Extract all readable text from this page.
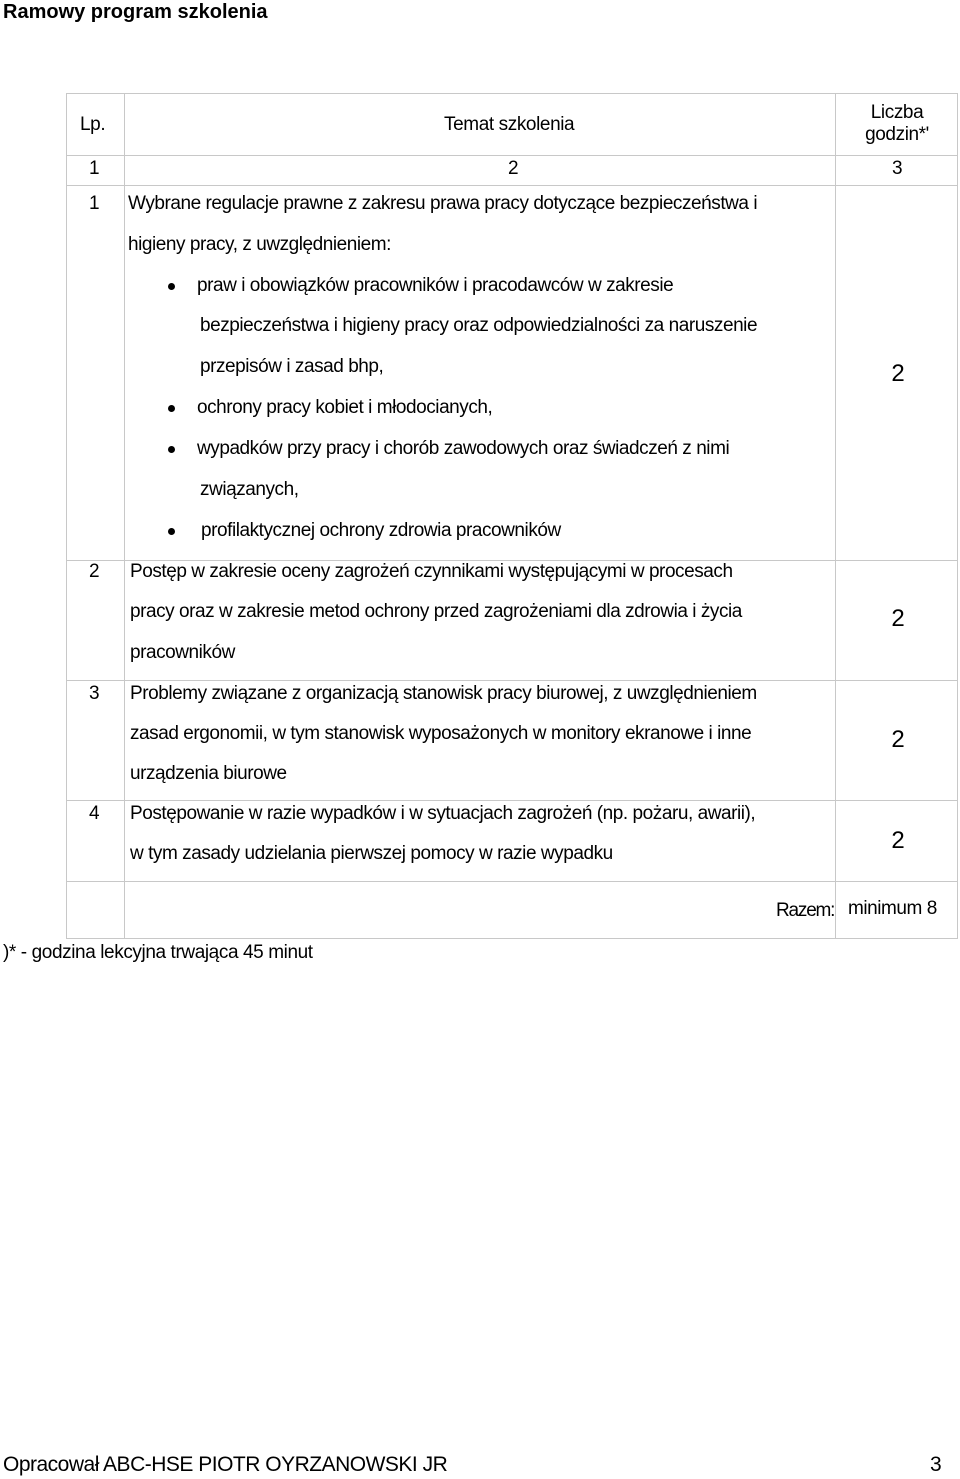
Ramowy program szkolenia
Lp.	Temat szkolenia
Liczba
godzin*'
1	2	3
1 Wybrane regulacje prawne z zakresu prawa pracy dotyczące bezpieczeństwa i
higieny pracy, z uwzględnieniem:
praw i obowiązków pracowników i pracodawców w zakresie
bezpieczeństwa i higieny pracy oraz odpowiedzialności za naruszenie
przepisów i zasad bhp,
ochrony pracy kobiet i młodocianych,
wypadków przy pracy i chorób zawodowych oraz świadczeń z nimi
związanych,
profilaktycznej ochrony zdrowia pracowników
2
2 Postęp w zakresie oceny zagrożeń czynnikami występującymi w procesach
pracy oraz w zakresie metod ochrony przed zagrożeniami dla zdrowia i życia
pracowników
2
3 Problemy związane z organizacją stanowisk pracy biurowej, z uwzględnieniem
zasad ergonomii, w tym stanowisk wyposażonych w monitory ekranowe i inne
urządzenia biurowe
2
4 Postępowanie w razie wypadków i w sytuacjach zagrożeń (np. pożaru, awarii),
w tym zasady udzielania pierwszej pomocy w razie wypadku	2
Razem: minimum 8
)* - godzina lekcyjna trwająca 45 minut
Opracował ABC-HSE PIOTR OYRZANOWSKI JR	3
